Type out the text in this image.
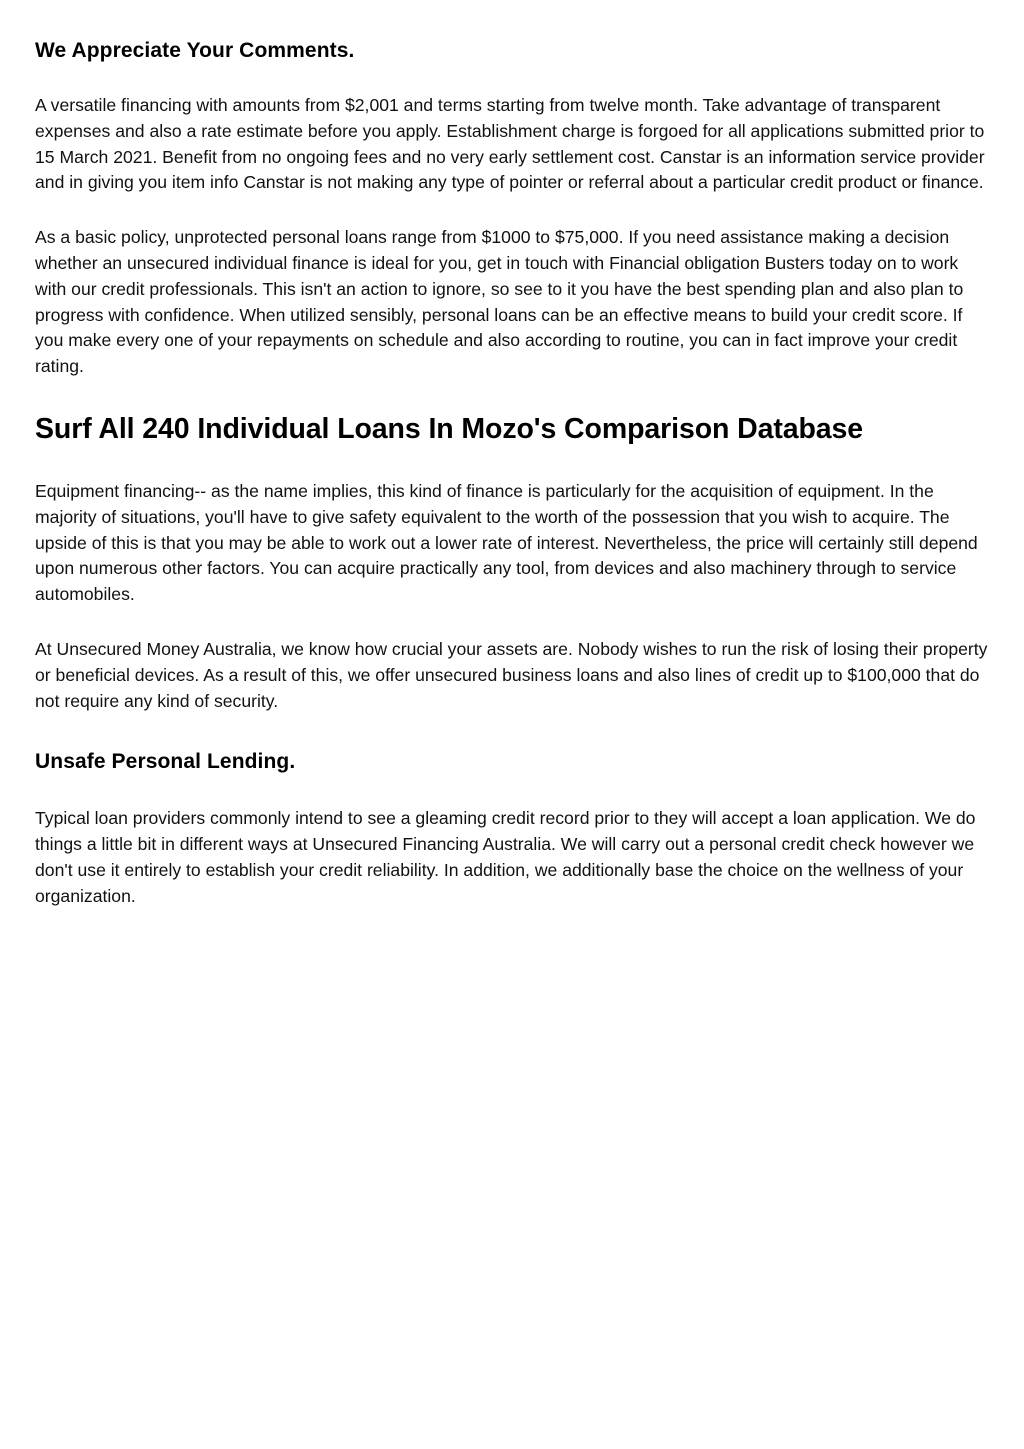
We Appreciate Your Comments.

A versatile financing with amounts from $2,001 and terms starting from twelve month. Take advantage of transparent expenses and also a rate estimate before you apply. Establishment charge is forgoed for all applications submitted prior to 15 March 2021. Benefit from no ongoing fees and no very early settlement cost. Canstar is an information service provider and in giving you item info Canstar is not making any type of pointer or referral about a particular credit product or finance.

As a basic policy, unprotected personal loans range from $1000 to $75,000. If you need assistance making a decision whether an unsecured individual finance is ideal for you, get in touch with Financial obligation Busters today on to work with our credit professionals. This isn't an action to ignore, so see to it you have the best spending plan and also plan to progress with confidence. When utilized sensibly, personal loans can be an effective means to build your credit score. If you make every one of your repayments on schedule and also according to routine, you can in fact improve your credit rating.

Surf All 240 Individual Loans In Mozo's Comparison Database

Equipment financing-- as the name implies, this kind of finance is particularly for the acquisition of equipment. In the majority of situations, you'll have to give safety equivalent to the worth of the possession that you wish to acquire. The upside of this is that you may be able to work out a lower rate of interest. Nevertheless, the price will certainly still depend upon numerous other factors. You can acquire practically any tool, from devices and also machinery through to service automobiles.

At Unsecured Money Australia, we know how crucial your assets are. Nobody wishes to run the risk of losing their property or beneficial devices. As a result of this, we offer unsecured business loans and also lines of credit up to $100,000 that do not require any kind of security.

Unsafe Personal Lending.

Typical loan providers commonly intend to see a gleaming credit record prior to they will accept a loan application. We do things a little bit in different ways at Unsecured Financing Australia. We will carry out a personal credit check however we don't use it entirely to establish your credit reliability. In addition, we additionally base the choice on the wellness of your organization.
